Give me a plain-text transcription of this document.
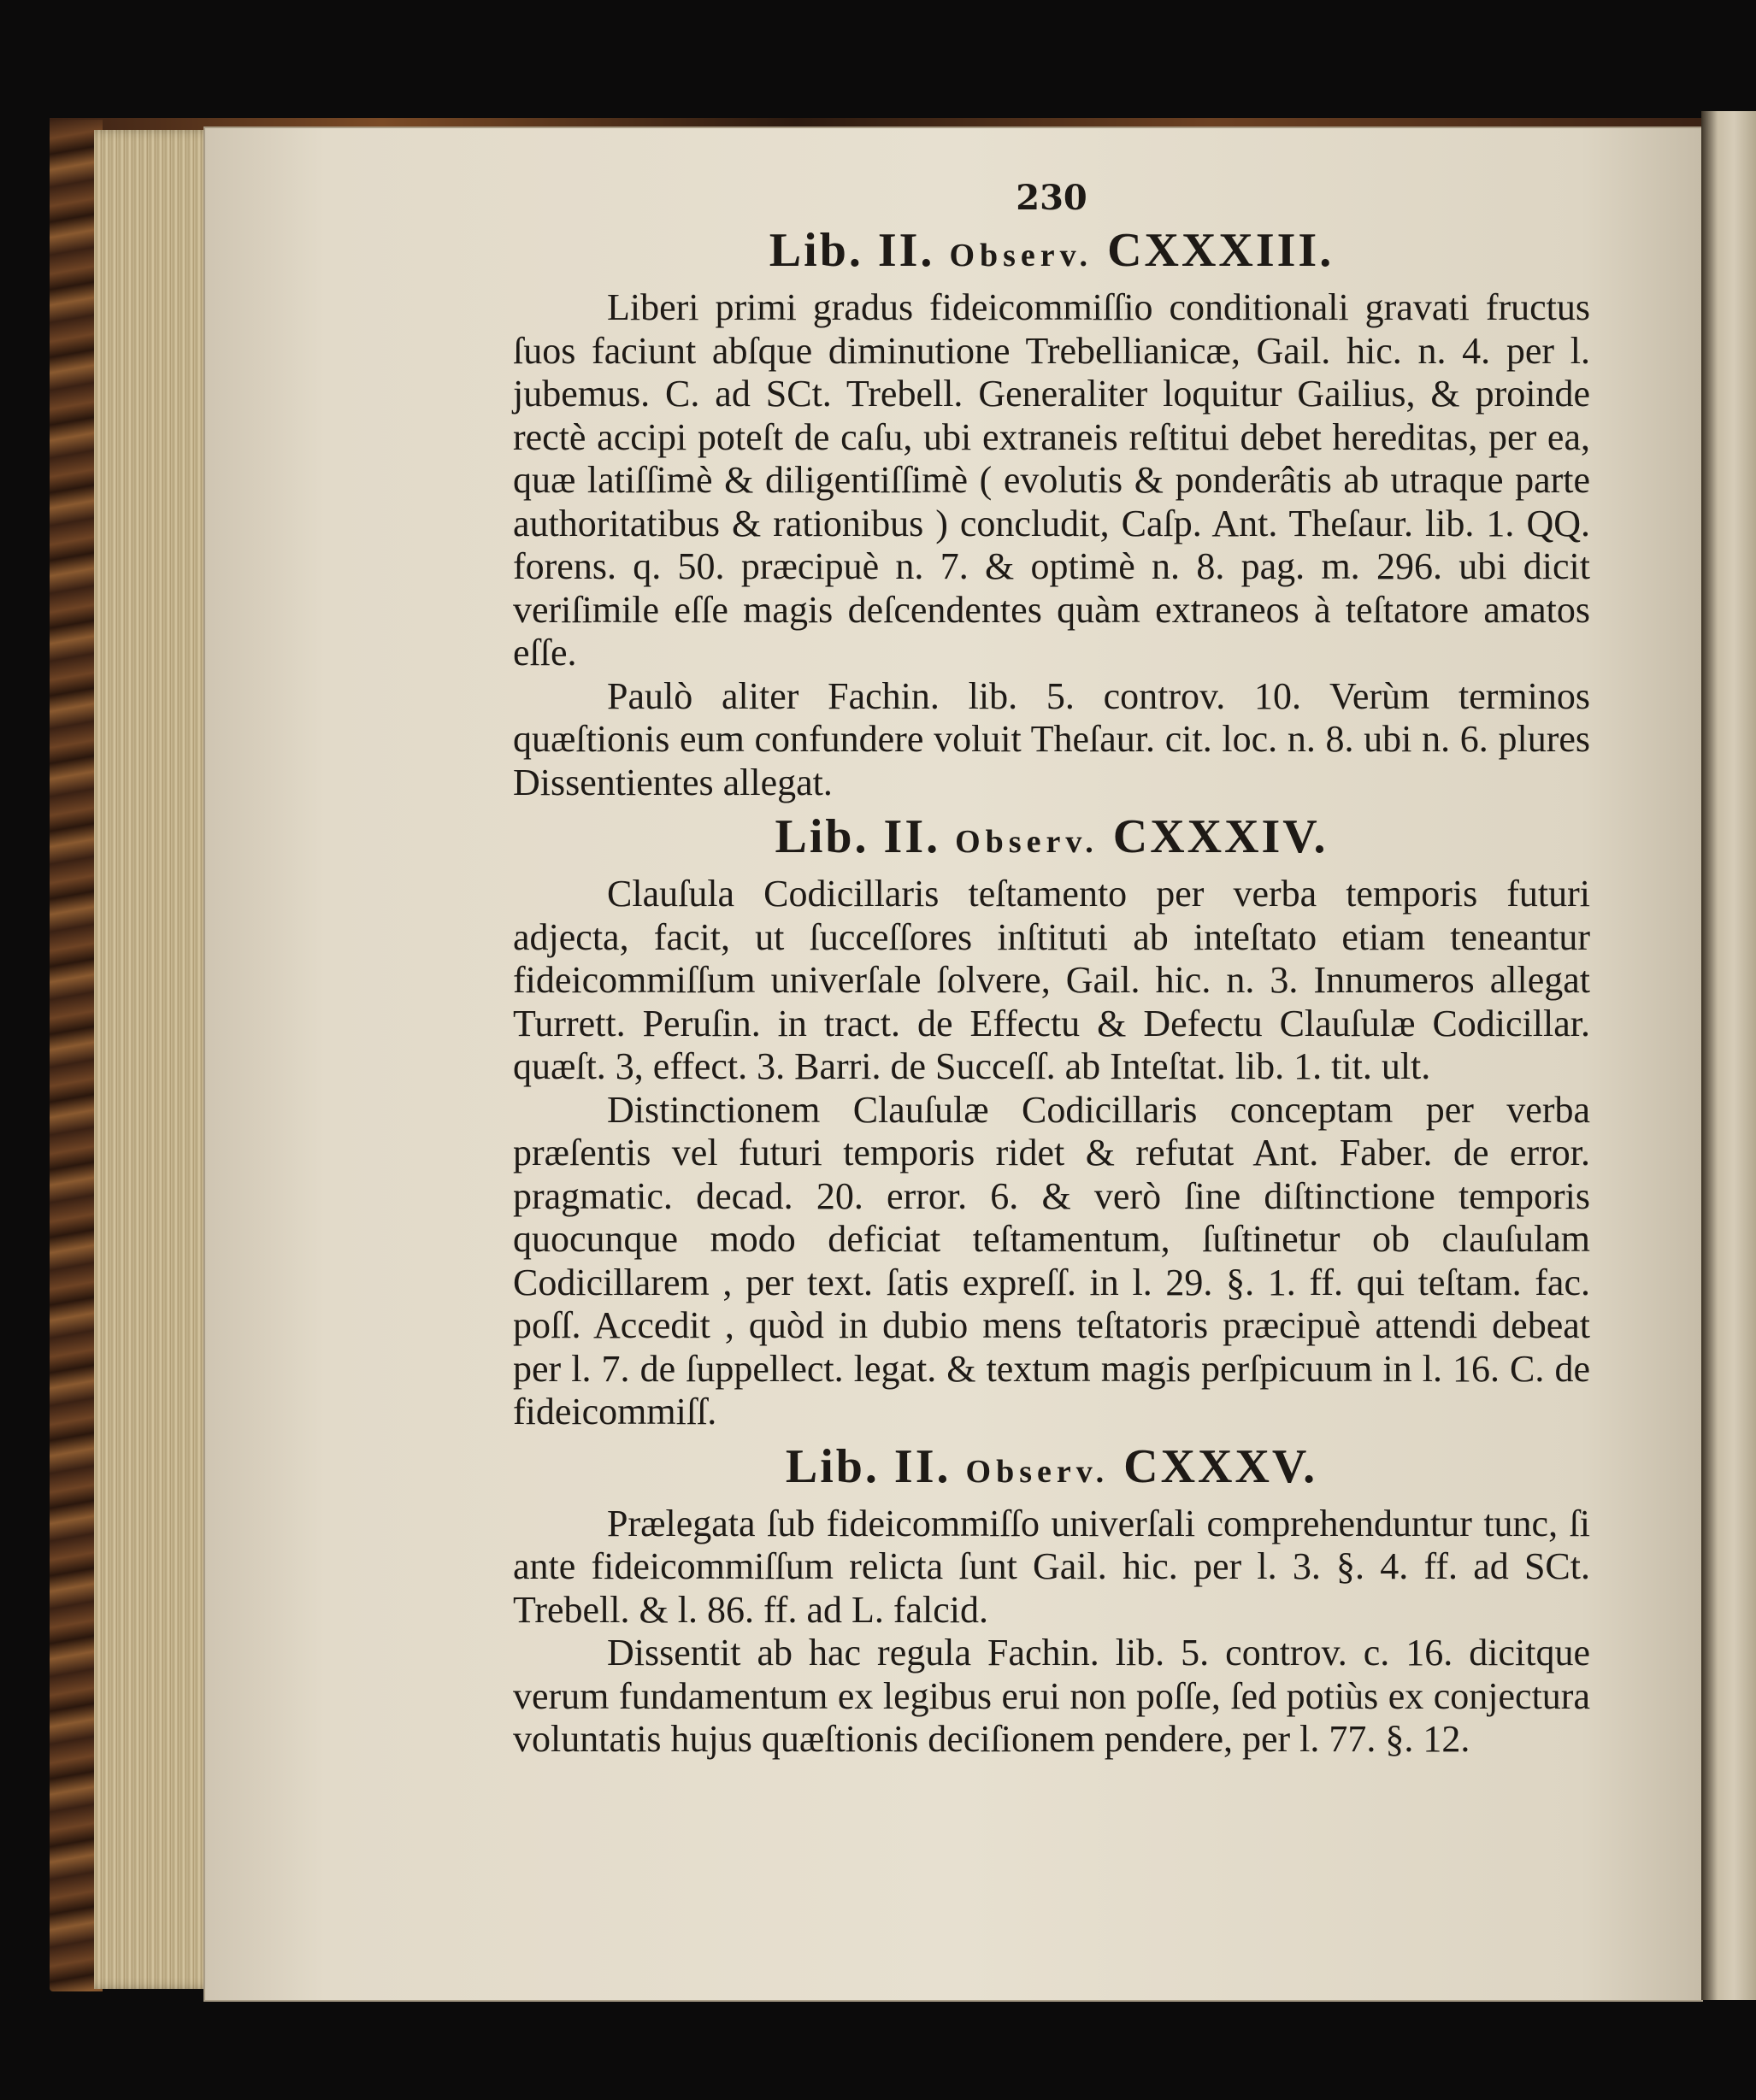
230
Lib. II. Observ. CXXXIII.

Liberi primi gradus fideicommiſſio conditionali gravati fructus ſuos faciunt abſque diminutione Trebellianicæ, Gail. hic. n. 4. per l. jubemus. C. ad SCt. Trebell. Generaliter loquitur Gailius, & proinde rectè accipi poteſt de caſu, ubi extraneis reſtitui debet hereditas, per ea, quæ latiſſimè & diligentiſſimè ( evolutis & ponderâtis ab utraque parte authoritatibus & rationibus ) concludit, Caſp. Ant. Theſaur. lib. 1. QQ. forens. q. 50. præcipuè n. 7. & optimè n. 8. pag. m. 296. ubi dicit veriſimile eſſe magis deſcendentes quàm extraneos à teſtatore amatos eſſe.

Paulò aliter Fachin. lib. 5. controv. 10. Verùm terminos quæſtionis eum confundere voluit Theſaur. cit. loc. n. 8. ubi n. 6. plures Dissentientes allegat.

Lib. II. Observ. CXXXIV.

Clauſula Codicillaris teſtamento per verba temporis futuri adjecta, facit, ut ſucceſſores inſtituti ab inteſtato etiam teneantur fideicommiſſum univerſale ſolvere, Gail. hic. n. 3. Innumeros allegat Turrett. Peruſin. in tract. de Effectu & Defectu Clauſulæ Codicillar. quæſt. 3, effect. 3. Barri. de Succeſſ. ab Inteſtat. lib. 1. tit. ult.

Distinctionem Clauſulæ Codicillaris conceptam per verba præſentis vel futuri temporis ridet & refutat Ant. Faber. de error. pragmatic. decad. 20. error. 6. & verò ſine diſtinctione temporis quocunque modo deficiat teſtamentum, ſuſtinetur ob clauſulam Codicillarem , per text. ſatis expreſſ. in l. 29. §. 1. ff. qui teſtam. fac. poſſ. Accedit , quòd in dubio mens teſtatoris præcipuè attendi debeat per l. 7. de ſuppellect. legat. & textum magis perſpicuum in l. 16. C. de fideicommiſſ.

Lib. II. Observ. CXXXV.

Prælegata ſub fideicommiſſo univerſali comprehenduntur tunc, ſi ante fideicommiſſum relicta ſunt Gail. hic. per l. 3. §. 4. ff. ad SCt. Trebell. & l. 86. ff. ad L. falcid.

Dissentit ab hac regula Fachin. lib. 5. controv. c. 16. dicitque verum fundamentum ex legibus erui non poſſe, ſed potiùs ex conjectura voluntatis hujus quæſtionis deciſionem pendere, per l. 77. §. 12.
